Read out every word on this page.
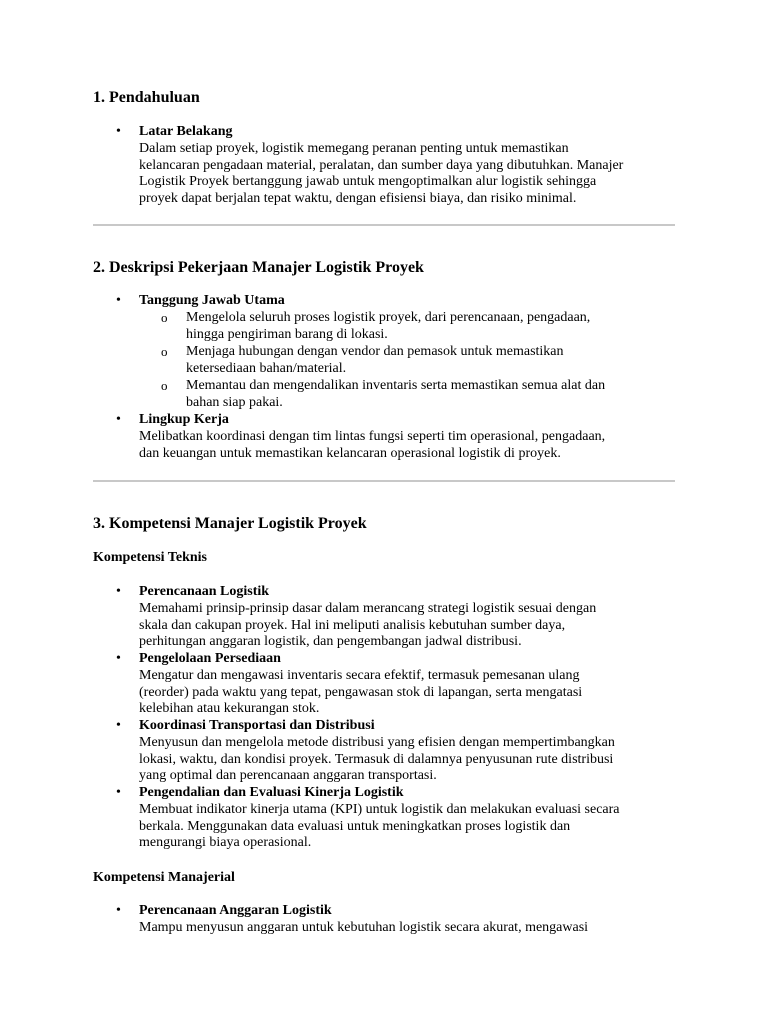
1. Pendahuluan
• Latar Belakang
Dalam setiap proyek, logistik memegang peranan penting untuk memastikan
kelancaran pengadaan material, peralatan, dan sumber daya yang dibutuhkan. Manajer
Logistik Proyek bertanggung jawab untuk mengoptimalkan alur logistik sehingga
proyek dapat berjalan tepat waktu, dengan efisiensi biaya, dan risiko minimal.
2. Deskripsi Pekerjaan Manajer Logistik Proyek
• Tanggung Jawab Utama
o Mengelola seluruh proses logistik proyek, dari perencanaan, pengadaan,
hingga pengiriman barang di lokasi.
o Menjaga hubungan dengan vendor dan pemasok untuk memastikan
ketersediaan bahan/material.
o Memantau dan mengendalikan inventaris serta memastikan semua alat dan
bahan siap pakai.
• Lingkup Kerja
Melibatkan koordinasi dengan tim lintas fungsi seperti tim operasional, pengadaan,
dan keuangan untuk memastikan kelancaran operasional logistik di proyek.
3. Kompetensi Manajer Logistik Proyek
Kompetensi Teknis
• Perencanaan Logistik
Memahami prinsip-prinsip dasar dalam merancang strategi logistik sesuai dengan
skala dan cakupan proyek. Hal ini meliputi analisis kebutuhan sumber daya,
perhitungan anggaran logistik, dan pengembangan jadwal distribusi.
• Pengelolaan Persediaan
Mengatur dan mengawasi inventaris secara efektif, termasuk pemesanan ulang
(reorder) pada waktu yang tepat, pengawasan stok di lapangan, serta mengatasi
kelebihan atau kekurangan stok.
• Koordinasi Transportasi dan Distribusi
Menyusun dan mengelola metode distribusi yang efisien dengan mempertimbangkan
lokasi, waktu, dan kondisi proyek. Termasuk di dalamnya penyusunan rute distribusi
yang optimal dan perencanaan anggaran transportasi.
• Pengendalian dan Evaluasi Kinerja Logistik
Membuat indikator kinerja utama (KPI) untuk logistik dan melakukan evaluasi secara
berkala. Menggunakan data evaluasi untuk meningkatkan proses logistik dan
mengurangi biaya operasional.
Kompetensi Manajerial
• Perencanaan Anggaran Logistik
Mampu menyusun anggaran untuk kebutuhan logistik secara akurat, mengawasi
